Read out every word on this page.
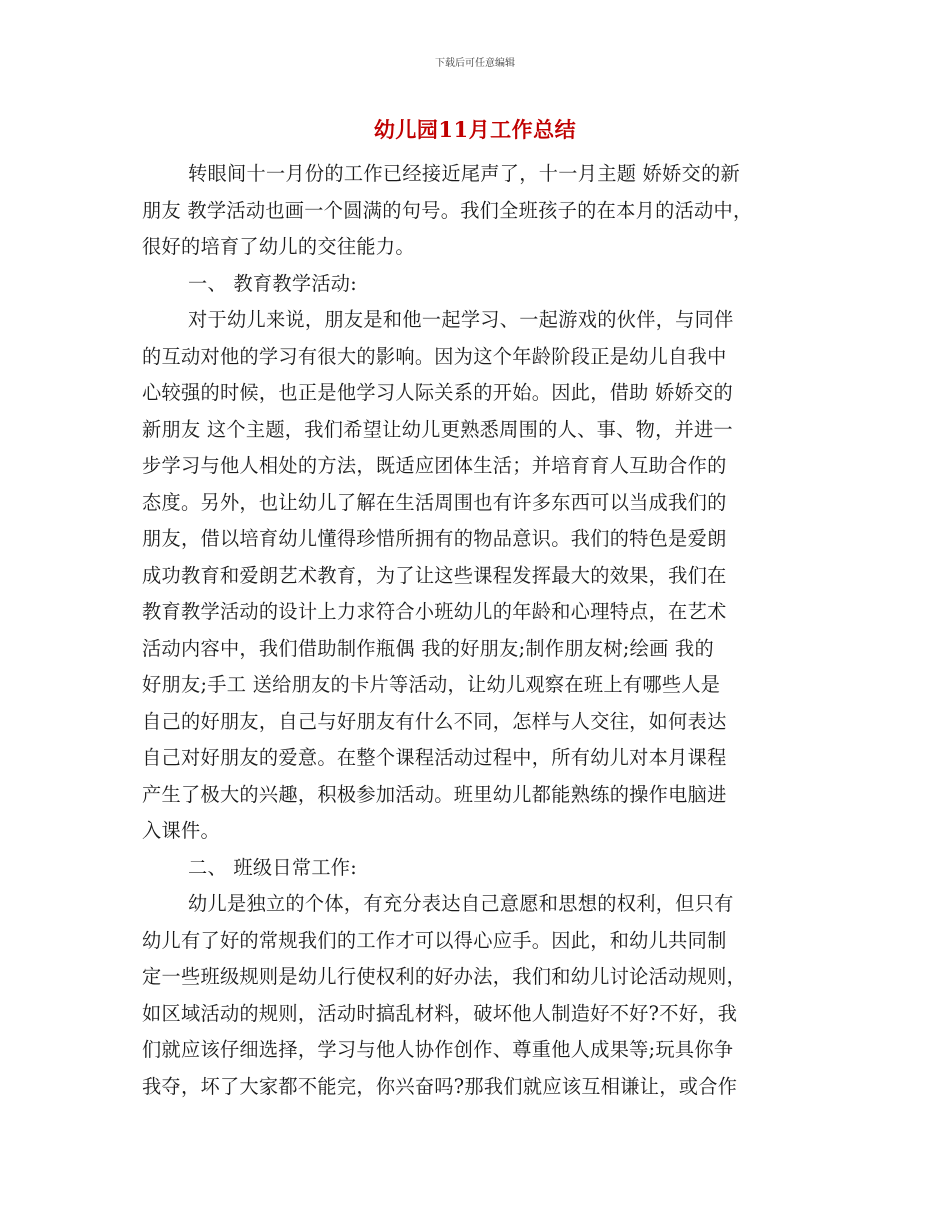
下载后可任意编辑
幼儿园11月工作总结
转眼间十一月份的工作已经接近尾声了，十一月主题 娇娇交的新
朋友 教学活动也画一个圆满的句号。我们全班孩子的在本月的活动中，
很好的培育了幼儿的交往能力。
一、 教育教学活动:
对于幼儿来说，朋友是和他一起学习、一起游戏的伙伴，与同伴
的互动对他的学习有很大的影响。因为这个年龄阶段正是幼儿自我中
心较强的时候，也正是他学习人际关系的开始。因此，借助 娇娇交的
新朋友 这个主题，我们希望让幼儿更熟悉周围的人、事、物，并进一
步学习与他人相处的方法，既适应团体生活；并培育育人互助合作的
态度。另外，也让幼儿了解在生活周围也有许多东西可以当成我们的
朋友，借以培育幼儿懂得珍惜所拥有的物品意识。我们的特色是爱朗
成功教育和爱朗艺术教育，为了让这些课程发挥最大的效果，我们在
教育教学活动的设计上力求符合小班幼儿的年龄和心理特点，在艺术
活动内容中，我们借助制作瓶偶 我的好朋友;制作朋友树;绘画 我的
好朋友;手工 送给朋友的卡片等活动，让幼儿观察在班上有哪些人是
自己的好朋友，自己与好朋友有什么不同，怎样与人交往，如何表达
自己对好朋友的爱意。在整个课程活动过程中，所有幼儿对本月课程
产生了极大的兴趣，积极参加活动。班里幼儿都能熟练的操作电脑进
入课件。
二、 班级日常工作:
幼儿是独立的个体，有充分表达自己意愿和思想的权利，但只有
幼儿有了好的常规我们的工作才可以得心应手。因此，和幼儿共同制
定一些班级规则是幼儿行使权利的好办法，我们和幼儿讨论活动规则，
如区域活动的规则，活动时搞乱材料，破坏他人制造好不好?不好，我
们就应该仔细选择，学习与他人协作创作、尊重他人成果等;玩具你争
我夺，坏了大家都不能完，你兴奋吗?那我们就应该互相谦让，或合作
